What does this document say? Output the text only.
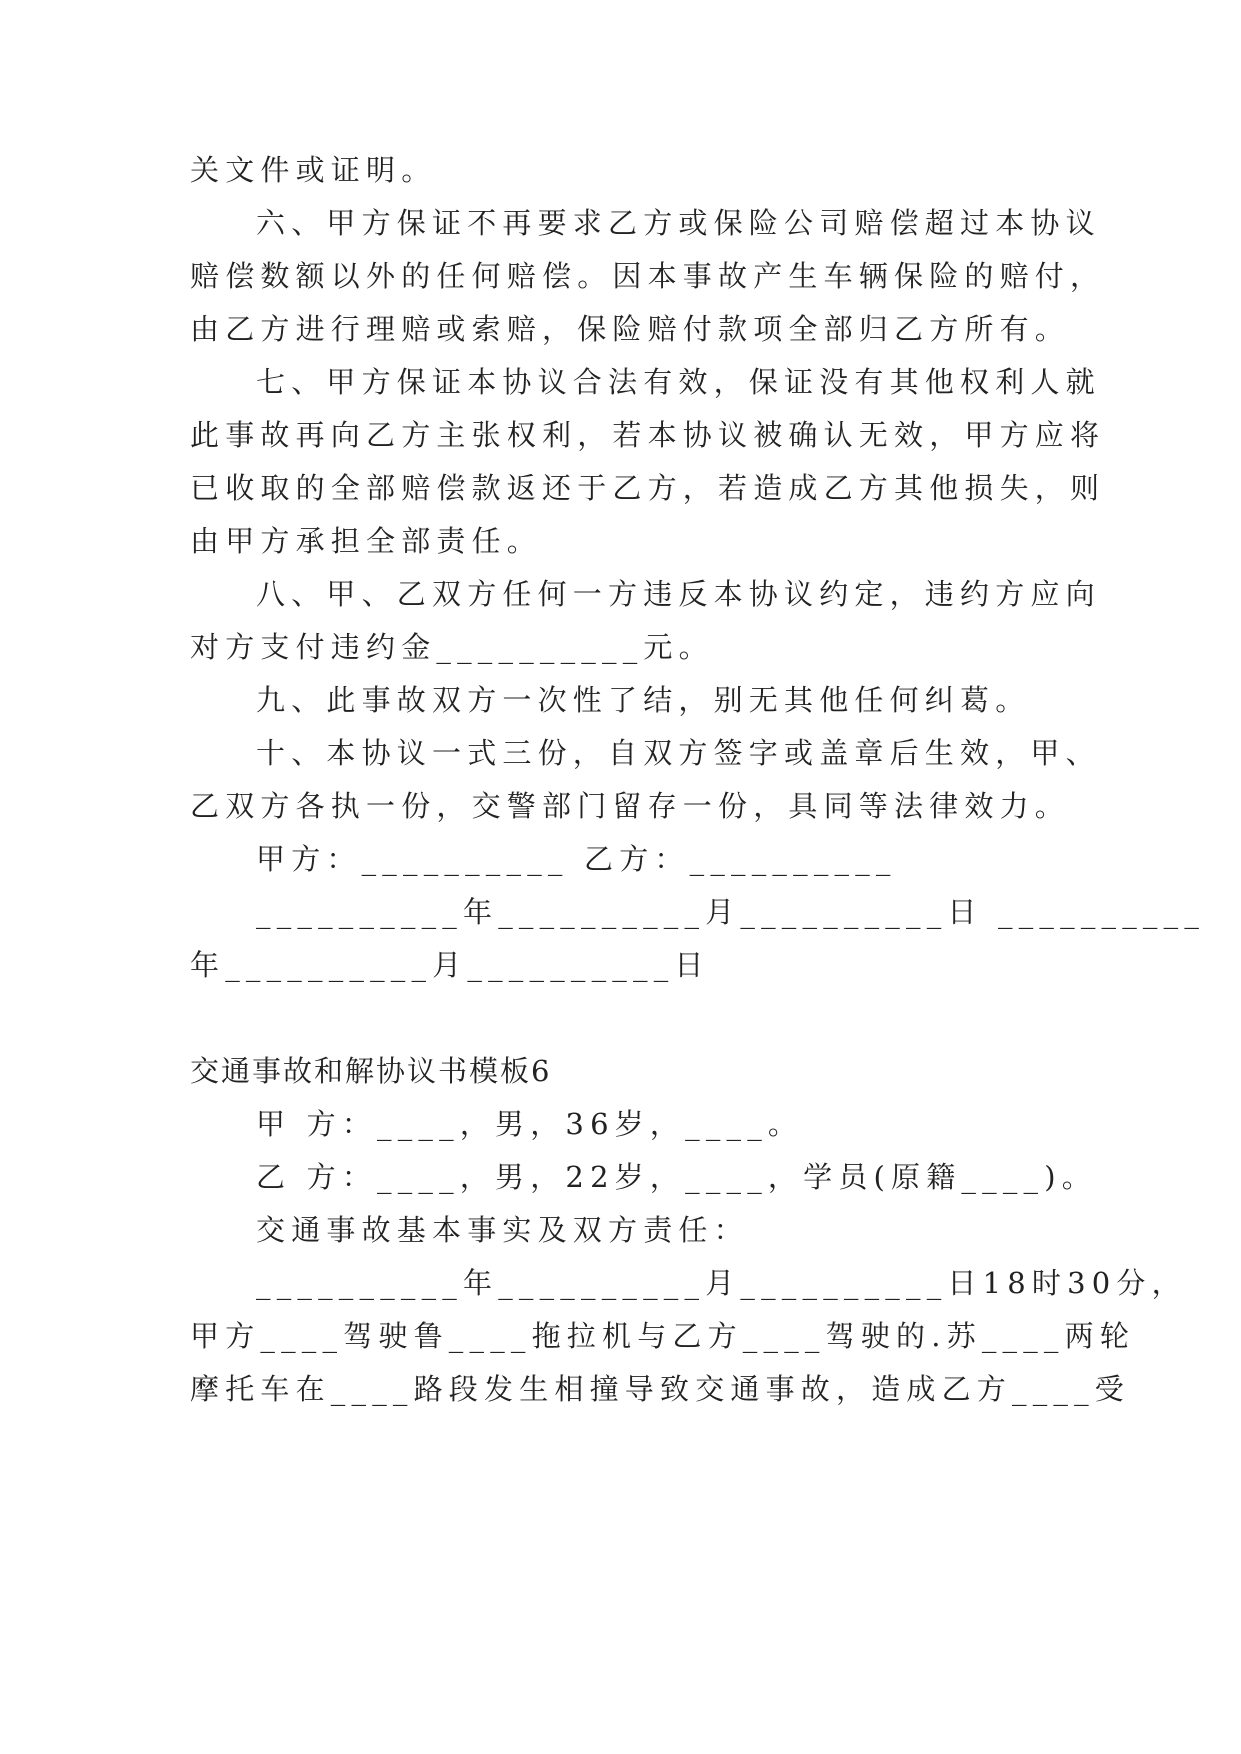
关文件或证明。
六、甲方保证不再要求乙方或保险公司赔偿超过本协议
赔偿数额以外的任何赔偿。因本事故产生车辆保险的赔付，
由乙方进行理赔或索赔，保险赔付款项全部归乙方所有。
七、甲方保证本协议合法有效，保证没有其他权利人就
此事故再向乙方主张权利，若本协议被确认无效，甲方应将
已收取的全部赔偿款返还于乙方，若造成乙方其他损失，则
由甲方承担全部责任。
八、甲、乙双方任何一方违反本协议约定，违约方应向
对方支付违约金__________元。
九、此事故双方一次性了结，别无其他任何纠葛。
十、本协议一式三份，自双方签字或盖章后生效，甲、
乙双方各执一份，交警部门留存一份，具同等法律效力。
甲方：__________ 乙方：__________
__________年__________月__________日 __________
年__________月__________日
交通事故和解协议书模板6
甲 方：____，男，36岁，____。
乙 方：____，男，22岁，____，学员(原籍____)。
交通事故基本事实及双方责任：
__________年__________月__________日18时30分，
甲方____驾驶鲁____拖拉机与乙方____驾驶的.苏____两轮
摩托车在____路段发生相撞导致交通事故，造成乙方____受
